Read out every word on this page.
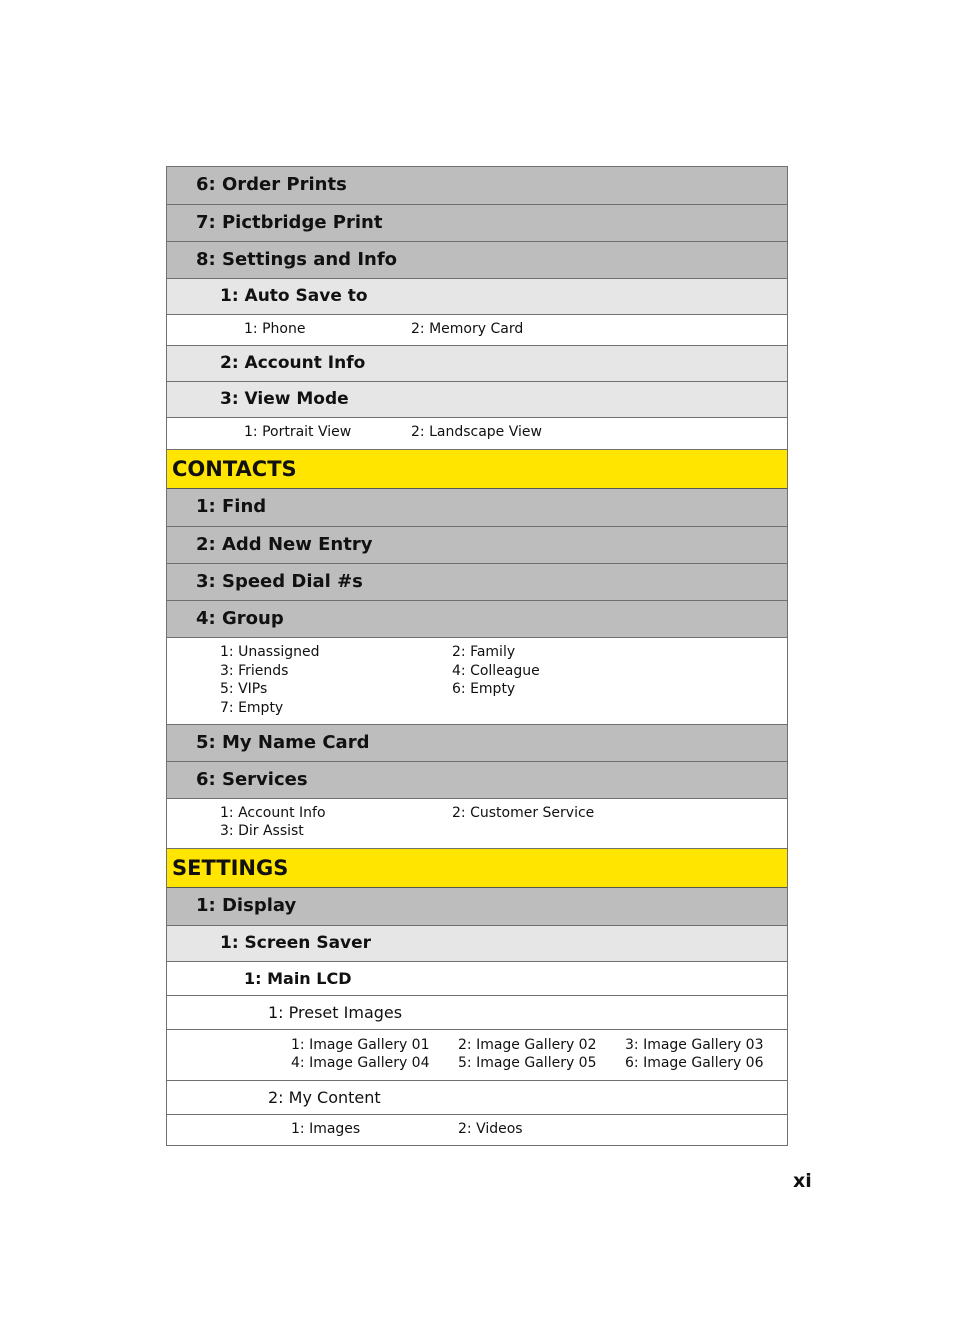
6: Order Prints
7: Pictbridge Print
8: Settings and Info
1: Auto Save to
1: Phone	2: Memory Card
2: Account Info
3: View Mode
1: Portrait View	2: Landscape View
CONTACTS
1: Find
2: Add New Entry
3: Speed Dial #s
4: Group
1: Unassigned	2: Family
3: Friends	4: Colleague
5: VIPs	6: Empty
7: Empty
5: My Name Card
6: Services
1: Account Info	2: Customer Service
3: Dir Assist
SETTINGS
1: Display
1: Screen Saver
1: Main LCD
1: Preset Images
1: Image Gallery 01 2: Image Gallery 02 3: Image Gallery 03
4: Image Gallery 04 5: Image Gallery 05 6: Image Gallery 06
2: My Content
1: Images	2: Videos
xi
